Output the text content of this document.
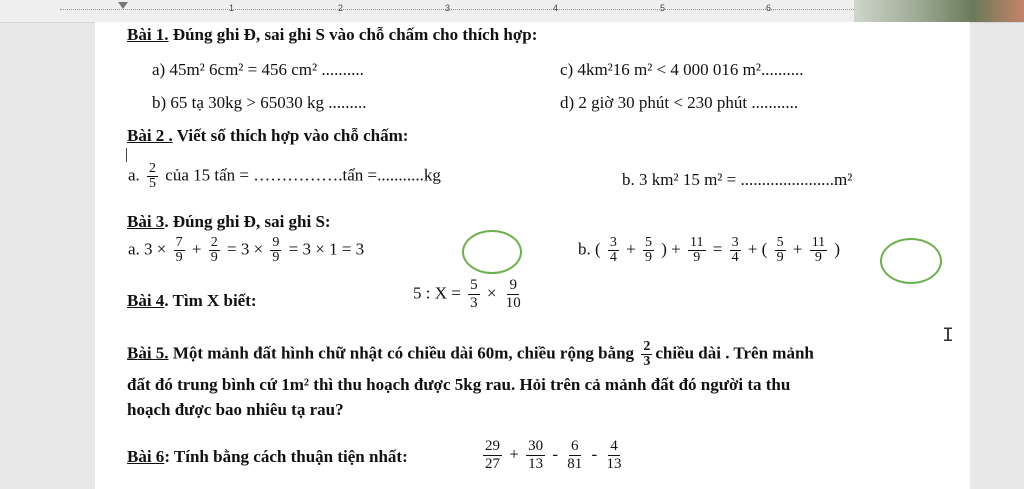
1	2	3	4	5	6
Bài 1. Đúng ghi Đ, sai ghi S vào chỗ chấm cho thích hợp:
a) 45m² 6cm² = 456 cm² ..........	c) 4km²16 m² < 4 000 016 m²..........
b) 65 tạ 30kg > 65030 kg .........	d) 2 giờ 30 phút < 230 phút ...........
Bài 2 . Viết số thích hợp vào chỗ chấm:
a. $\frac{2}{5}$ của 15 tấn = …………….tấn =...........kg	b. 3 km² 15 m² = ......................m²
Bài 3. Đúng ghi Đ, sai ghi S:
a. $3 \times \frac{7}{9} + \frac{2}{9} = 3 \times \frac{9}{9} = 3 \times 1 = 3$	b. ( $\frac{3}{4} + \frac{5}{9}$ ) + $\frac{11}{9} = \frac{3}{4}$ + ( $\frac{5}{9} + \frac{11}{9}$ )
Bài 4. Tìm X biết:	5 : $X = \frac{5}{3} \times \frac{9}{10}$
Bài 5. Một mảnh đất hình chữ nhật có chiều dài 60m, chiều rộng bằng $\frac{2}{3}$ chiều dài . Trên mảnh
đất đó trung bình cứ 1m² thì thu hoạch được 5kg rau. Hỏi trên cả mảnh đất đó người ta thu
hoạch được bao nhiêu tạ rau?
I
Bài 6: Tính bằng cách thuận tiện nhất:	$\frac{29}{27} + \frac{30}{13} - \frac{6}{81} - \frac{4}{13}$
